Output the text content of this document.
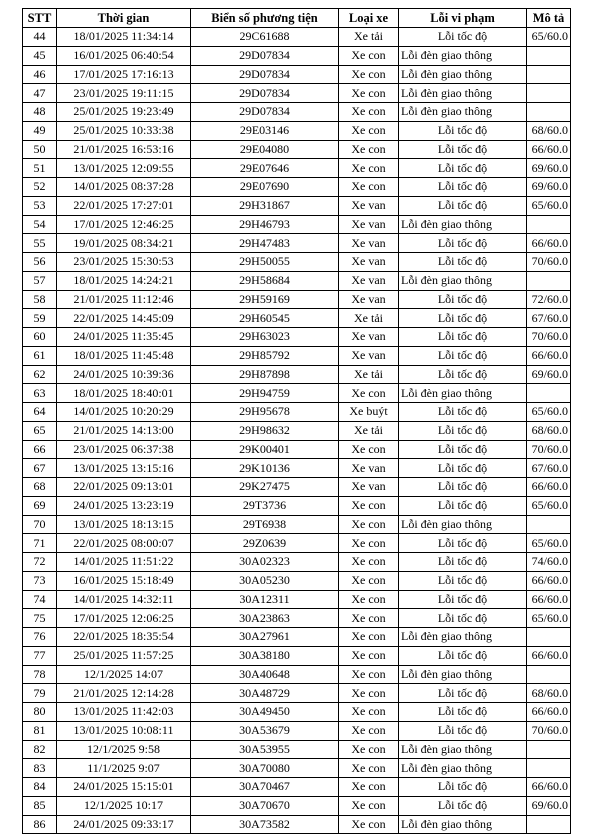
STT	Thời gian	Biển số phương tiện	Loại xe	Lỗi vi phạm	Mô tả
44	18/01/2025 11:34:14	29C61688	Xe tải	Lỗi tốc độ	65/60.0
45	16/01/2025 06:40:54	29D07834	Xe con	Lỗi đèn giao thông	
46	17/01/2025 17:16:13	29D07834	Xe con	Lỗi đèn giao thông	
47	23/01/2025 19:11:15	29D07834	Xe con	Lỗi đèn giao thông	
48	25/01/2025 19:23:49	29D07834	Xe con	Lỗi đèn giao thông	
49	25/01/2025 10:33:38	29E03146	Xe con	Lỗi tốc độ	68/60.0
50	21/01/2025 16:53:16	29E04080	Xe con	Lỗi tốc độ	66/60.0
51	13/01/2025 12:09:55	29E07646	Xe con	Lỗi tốc độ	69/60.0
52	14/01/2025 08:37:28	29E07690	Xe con	Lỗi tốc độ	69/60.0
53	22/01/2025 17:27:01	29H31867	Xe van	Lỗi tốc độ	65/60.0
54	17/01/2025 12:46:25	29H46793	Xe van	Lỗi đèn giao thông	
55	19/01/2025 08:34:21	29H47483	Xe van	Lỗi tốc độ	66/60.0
56	23/01/2025 15:30:53	29H50055	Xe van	Lỗi tốc độ	70/60.0
57	18/01/2025 14:24:21	29H58684	Xe van	Lỗi đèn giao thông	
58	21/01/2025 11:12:46	29H59169	Xe van	Lỗi tốc độ	72/60.0
59	22/01/2025 14:45:09	29H60545	Xe tải	Lỗi tốc độ	67/60.0
60	24/01/2025 11:35:45	29H63023	Xe van	Lỗi tốc độ	70/60.0
61	18/01/2025 11:45:48	29H85792	Xe van	Lỗi tốc độ	66/60.0
62	24/01/2025 10:39:36	29H87898	Xe tải	Lỗi tốc độ	69/60.0
63	18/01/2025 18:40:01	29H94759	Xe con	Lỗi đèn giao thông	
64	14/01/2025 10:20:29	29H95678	Xe buýt	Lỗi tốc độ	65/60.0
65	21/01/2025 14:13:00	29H98632	Xe tải	Lỗi tốc độ	68/60.0
66	23/01/2025 06:37:38	29K00401	Xe con	Lỗi tốc độ	70/60.0
67	13/01/2025 13:15:16	29K10136	Xe van	Lỗi tốc độ	67/60.0
68	22/01/2025 09:13:01	29K27475	Xe van	Lỗi tốc độ	66/60.0
69	24/01/2025 13:23:19	29T3736	Xe con	Lỗi tốc độ	65/60.0
70	13/01/2025 18:13:15	29T6938	Xe con	Lỗi đèn giao thông	
71	22/01/2025 08:00:07	29Z0639	Xe con	Lỗi tốc độ	65/60.0
72	14/01/2025 11:51:22	30A02323	Xe con	Lỗi tốc độ	74/60.0
73	16/01/2025 15:18:49	30A05230	Xe con	Lỗi tốc độ	66/60.0
74	14/01/2025 14:32:11	30A12311	Xe con	Lỗi tốc độ	66/60.0
75	17/01/2025 12:06:25	30A23863	Xe con	Lỗi tốc độ	65/60.0
76	22/01/2025 18:35:54	30A27961	Xe con	Lỗi đèn giao thông	
77	25/01/2025 11:57:25	30A38180	Xe con	Lỗi tốc độ	66/60.0
78	12/1/2025 14:07	30A40648	Xe con	Lỗi đèn giao thông	
79	21/01/2025 12:14:28	30A48729	Xe con	Lỗi tốc độ	68/60.0
80	13/01/2025 11:42:03	30A49450	Xe con	Lỗi tốc độ	66/60.0
81	13/01/2025 10:08:11	30A53679	Xe con	Lỗi tốc độ	70/60.0
82	12/1/2025 9:58	30A53955	Xe con	Lỗi đèn giao thông	
83	11/1/2025 9:07	30A70080	Xe con	Lỗi đèn giao thông	
84	24/01/2025 15:15:01	30A70467	Xe con	Lỗi tốc độ	66/60.0
85	12/1/2025 10:17	30A70670	Xe con	Lỗi tốc độ	69/60.0
86	24/01/2025 09:33:17	30A73582	Xe con	Lỗi đèn giao thông	
